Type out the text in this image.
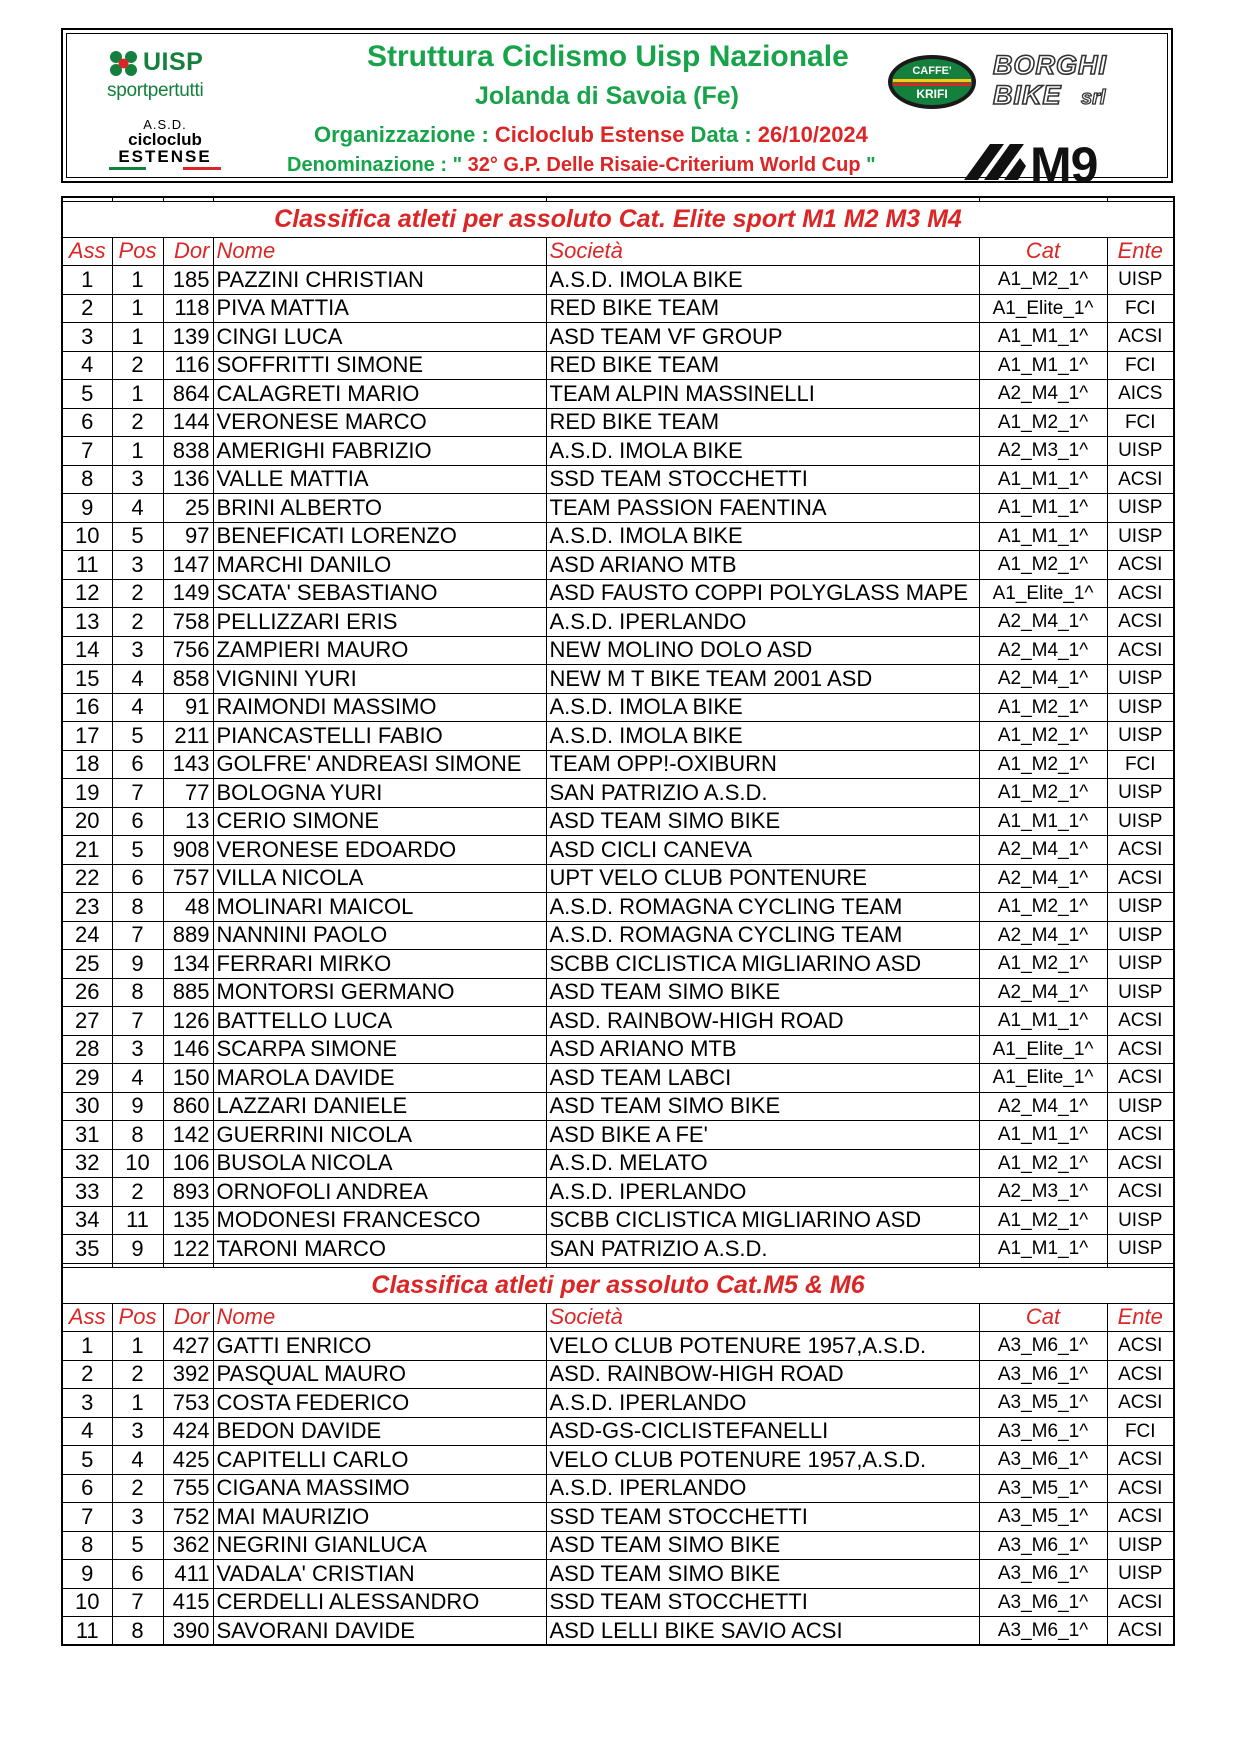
UISP
sportpertutti
A.S.D.
cicloclub
ESTENSE
Struttura Ciclismo Uisp Nazionale
Jolanda di Savoia (Fe)
Organizzazione : Cicloclub Estense Data : 26/10/2024
Denominazione : " 32° G.P. Delle Risaie-Criterium World Cup "
CAFFE'
KRIFI
BORGHI
BIKE srl
M9

Classifica atleti per assoluto Cat. Elite sport M1 M2 M3 M4						
Ass	Pos	Dor	Nome	Società	Cat	Ente
1	1	185	PAZZINI CHRISTIAN	A.S.D. IMOLA BIKE	A1_M2_1^	UISP
2	1	118	PIVA MATTIA	RED BIKE TEAM	A1_Elite_1^	FCI
3	1	139	CINGI LUCA	ASD TEAM VF GROUP	A1_M1_1^	ACSI
4	2	116	SOFFRITTI SIMONE	RED BIKE TEAM	A1_M1_1^	FCI
5	1	864	CALAGRETI MARIO	TEAM ALPIN MASSINELLI	A2_M4_1^	AICS
6	2	144	VERONESE MARCO	RED BIKE TEAM	A1_M2_1^	FCI
7	1	838	AMERIGHI FABRIZIO	A.S.D. IMOLA BIKE	A2_M3_1^	UISP
8	3	136	VALLE MATTIA	SSD TEAM STOCCHETTI	A1_M1_1^	ACSI
9	4	25	BRINI ALBERTO	TEAM PASSION FAENTINA	A1_M1_1^	UISP
10	5	97	BENEFICATI LORENZO	A.S.D. IMOLA BIKE	A1_M1_1^	UISP
11	3	147	MARCHI DANILO	ASD ARIANO MTB	A1_M2_1^	ACSI
12	2	149	SCATA' SEBASTIANO	ASD FAUSTO COPPI POLYGLASS MAPE	A1_Elite_1^	ACSI
13	2	758	PELLIZZARI ERIS	A.S.D. IPERLANDO	A2_M4_1^	ACSI
14	3	756	ZAMPIERI MAURO	NEW MOLINO DOLO ASD	A2_M4_1^	ACSI
15	4	858	VIGNINI YURI	NEW M T BIKE TEAM 2001 ASD	A2_M4_1^	UISP
16	4	91	RAIMONDI MASSIMO	A.S.D. IMOLA BIKE	A1_M2_1^	UISP
17	5	211	PIANCASTELLI FABIO	A.S.D. IMOLA BIKE	A1_M2_1^	UISP
18	6	143	GOLFRE' ANDREASI SIMONE	TEAM OPP!-OXIBURN	A1_M2_1^	FCI
19	7	77	BOLOGNA YURI	SAN PATRIZIO A.S.D.	A1_M2_1^	UISP
20	6	13	CERIO SIMONE	ASD TEAM SIMO BIKE	A1_M1_1^	UISP
21	5	908	VERONESE EDOARDO	ASD CICLI CANEVA	A2_M4_1^	ACSI
22	6	757	VILLA NICOLA	UPT VELO CLUB PONTENURE	A2_M4_1^	ACSI
23	8	48	MOLINARI MAICOL	A.S.D. ROMAGNA CYCLING TEAM	A1_M2_1^	UISP
24	7	889	NANNINI PAOLO	A.S.D. ROMAGNA CYCLING TEAM	A2_M4_1^	UISP
25	9	134	FERRARI MIRKO	SCBB CICLISTICA MIGLIARINO ASD	A1_M2_1^	UISP
26	8	885	MONTORSI GERMANO	ASD TEAM SIMO BIKE	A2_M4_1^	UISP
27	7	126	BATTELLO LUCA	ASD. RAINBOW-HIGH ROAD	A1_M1_1^	ACSI
28	3	146	SCARPA SIMONE	ASD ARIANO MTB	A1_Elite_1^	ACSI
29	4	150	MAROLA DAVIDE	ASD TEAM LABCI	A1_Elite_1^	ACSI
30	9	860	LAZZARI DANIELE	ASD TEAM SIMO BIKE	A2_M4_1^	UISP
31	8	142	GUERRINI NICOLA	ASD BIKE A FE'	A1_M1_1^	ACSI
32	10	106	BUSOLA NICOLA	A.S.D. MELATO	A1_M2_1^	ACSI
33	2	893	ORNOFOLI ANDREA	A.S.D. IPERLANDO	A2_M3_1^	ACSI
34	11	135	MODONESI FRANCESCO	SCBB CICLISTICA MIGLIARINO ASD	A1_M2_1^	UISP
35	9	122	TARONI MARCO	SAN PATRIZIO A.S.D.	A1_M1_1^	UISP

Classifica atleti per assoluto Cat.M5 & M6						
Ass	Pos	Dor	Nome	Società	Cat	Ente
1	1	427	GATTI ENRICO	VELO CLUB POTENURE 1957,A.S.D.	A3_M6_1^	ACSI
2	2	392	PASQUAL MAURO	ASD. RAINBOW-HIGH ROAD	A3_M6_1^	ACSI
3	1	753	COSTA FEDERICO	A.S.D. IPERLANDO	A3_M5_1^	ACSI
4	3	424	BEDON DAVIDE	ASD-GS-CICLISTEFANELLI	A3_M6_1^	FCI
5	4	425	CAPITELLI CARLO	VELO CLUB POTENURE 1957,A.S.D.	A3_M6_1^	ACSI
6	2	755	CIGANA MASSIMO	A.S.D. IPERLANDO	A3_M5_1^	ACSI
7	3	752	MAI MAURIZIO	SSD TEAM STOCCHETTI	A3_M5_1^	ACSI
8	5	362	NEGRINI GIANLUCA	ASD TEAM SIMO BIKE	A3_M6_1^	UISP
9	6	411	VADALA' CRISTIAN	ASD TEAM SIMO BIKE	A3_M6_1^	UISP
10	7	415	CERDELLI ALESSANDRO	SSD TEAM STOCCHETTI	A3_M6_1^	ACSI
11	8	390	SAVORANI DAVIDE	ASD LELLI BIKE SAVIO ACSI	A3_M6_1^	ACSI
